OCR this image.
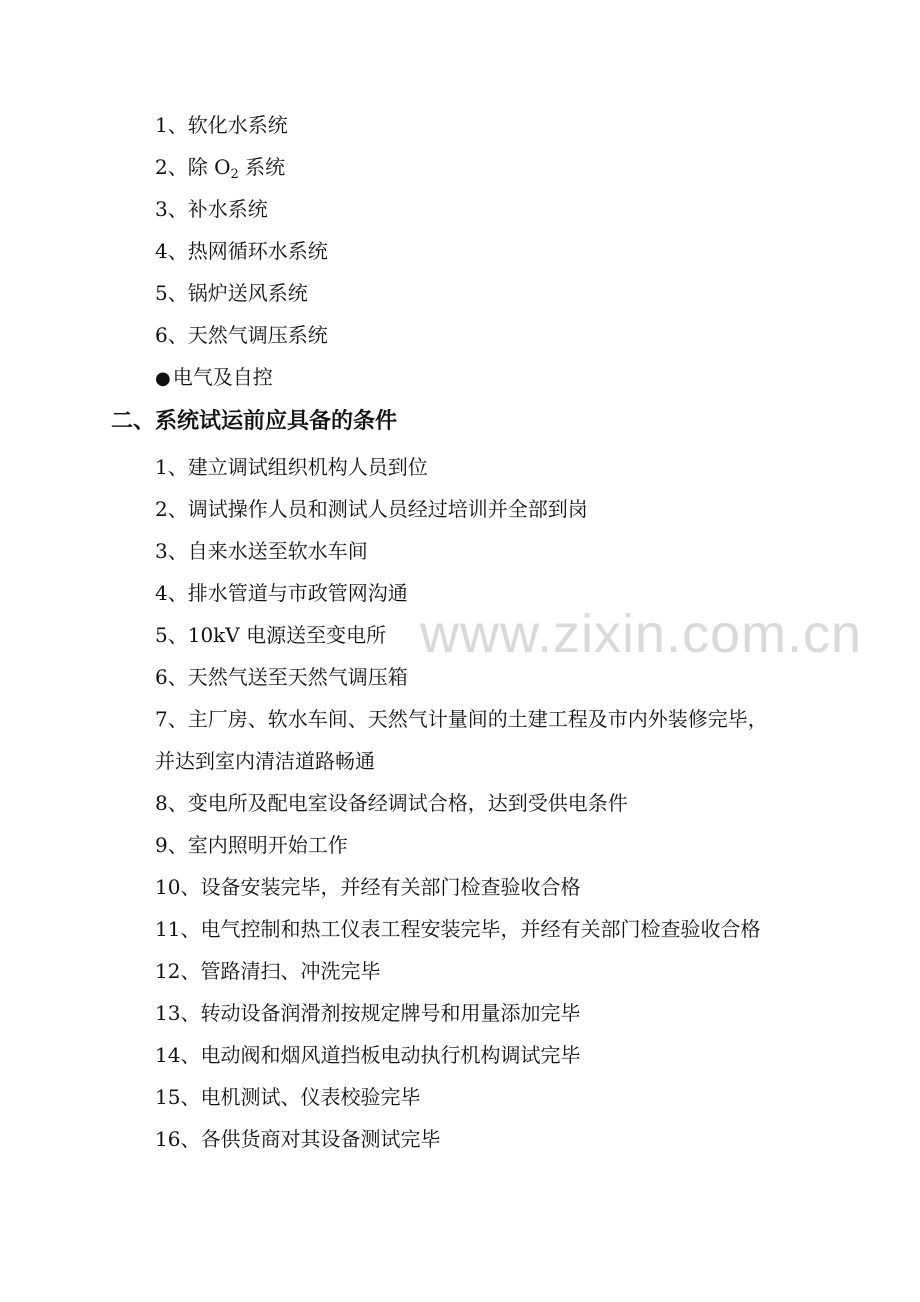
www.zixin.com.cn
1、软化水系统
2、除 $O_2$ 系统
3、补水系统
4、热网循环水系统
5、锅炉送风系统
6、天然气调压系统
● 电气及自控
二、系统试运前应具备的条件
1、建立调试组织机构人员到位
2、调试操作人员和测试人员经过培训并全部到岗
3、自来水送至软水车间
4、排水管道与市政管网沟通
5、10kV 电源送至变电所
6、天然气送至天然气调压箱
7、主厂房、软水车间、天然气计量间的土建工程及市内外装修完毕，
并达到室内清洁道路畅通
8、变电所及配电室设备经调试合格，达到受供电条件
9、室内照明开始工作
10、设备安装完毕，并经有关部门检查验收合格
11、电气控制和热工仪表工程安装完毕，并经有关部门检查验收合格
12、管路清扫、冲洗完毕
13、转动设备润滑剂按规定牌号和用量添加完毕
14、电动阀和烟风道挡板电动执行机构调试完毕
15、电机测试、仪表校验完毕
16、各供货商对其设备测试完毕
